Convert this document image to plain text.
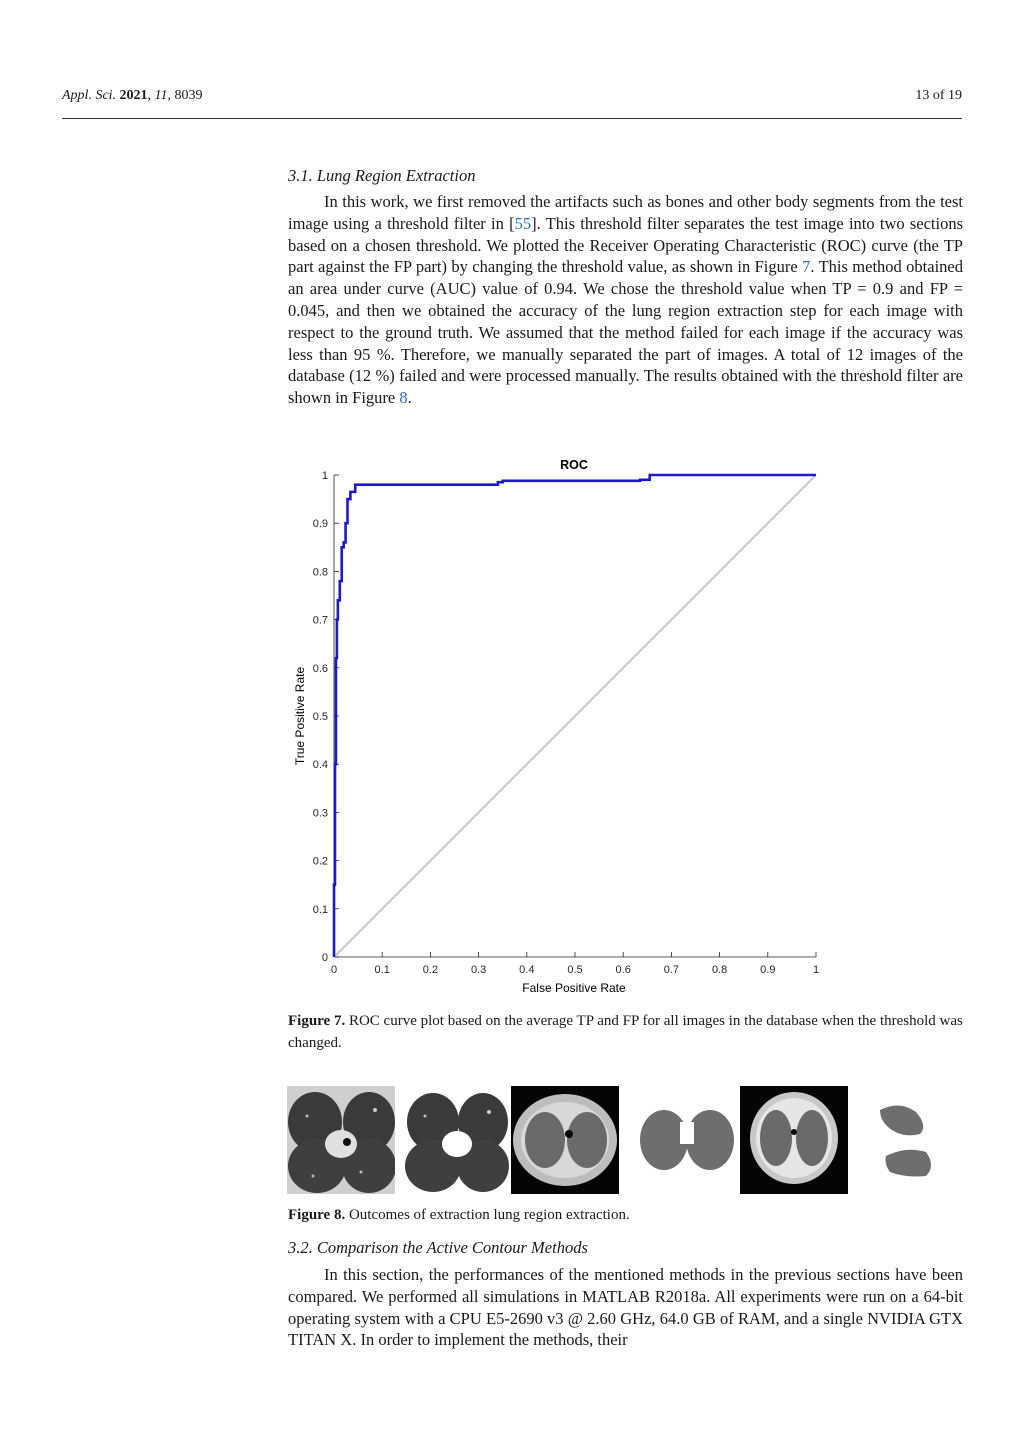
Appl. Sci. 2021, 11, 8039	13 of 19
3.1. Lung Region Extraction

In this work, we first removed the artifacts such as bones and other body segments from the test image using a threshold filter in [55]. This threshold filter separates the test image into two sections based on a chosen threshold. We plotted the Receiver Operating Characteristic (ROC) curve (the TP part against the FP part) by changing the threshold value, as shown in Figure 7. This method obtained an area under curve (AUC) value of 0.94. We chose the threshold value when TP = 0.9 and FP = 0.045, and then we obtained the accuracy of the lung region extraction step for each image with respect to the ground truth. We assumed that the method failed for each image if the accuracy was less than 95 %. Therefore, we manually separated the part of images. A total of 12 images of the database (12 %) failed and were processed manually. The results obtained with the threshold filter are shown in Figure 8.

0	0.1	0.2	0.3	0.4	0.5	0.6	0.7	0.8	0.9	1
0
0.1
0.2
0.3
0.4
0.5
0.6
0.7
0.8
0.9
1
ROC
False Positive Rate
True Positive Rate

Figure 7. ROC curve plot based on the average TP and FP for all images in the database when the threshold was changed.

Figure 8. Outcomes of extraction lung region extraction.

3.2. Comparison the Active Contour Methods

In this section, the performances of the mentioned methods in the previous sections have been compared. We performed all simulations in MATLAB R2018a. All experiments were run on a 64-bit operating system with a CPU E5-2690 v3 @ 2.60 GHz, 64.0 GB of RAM, and a single NVIDIA GTX TITAN X. In order to implement the methods, their
